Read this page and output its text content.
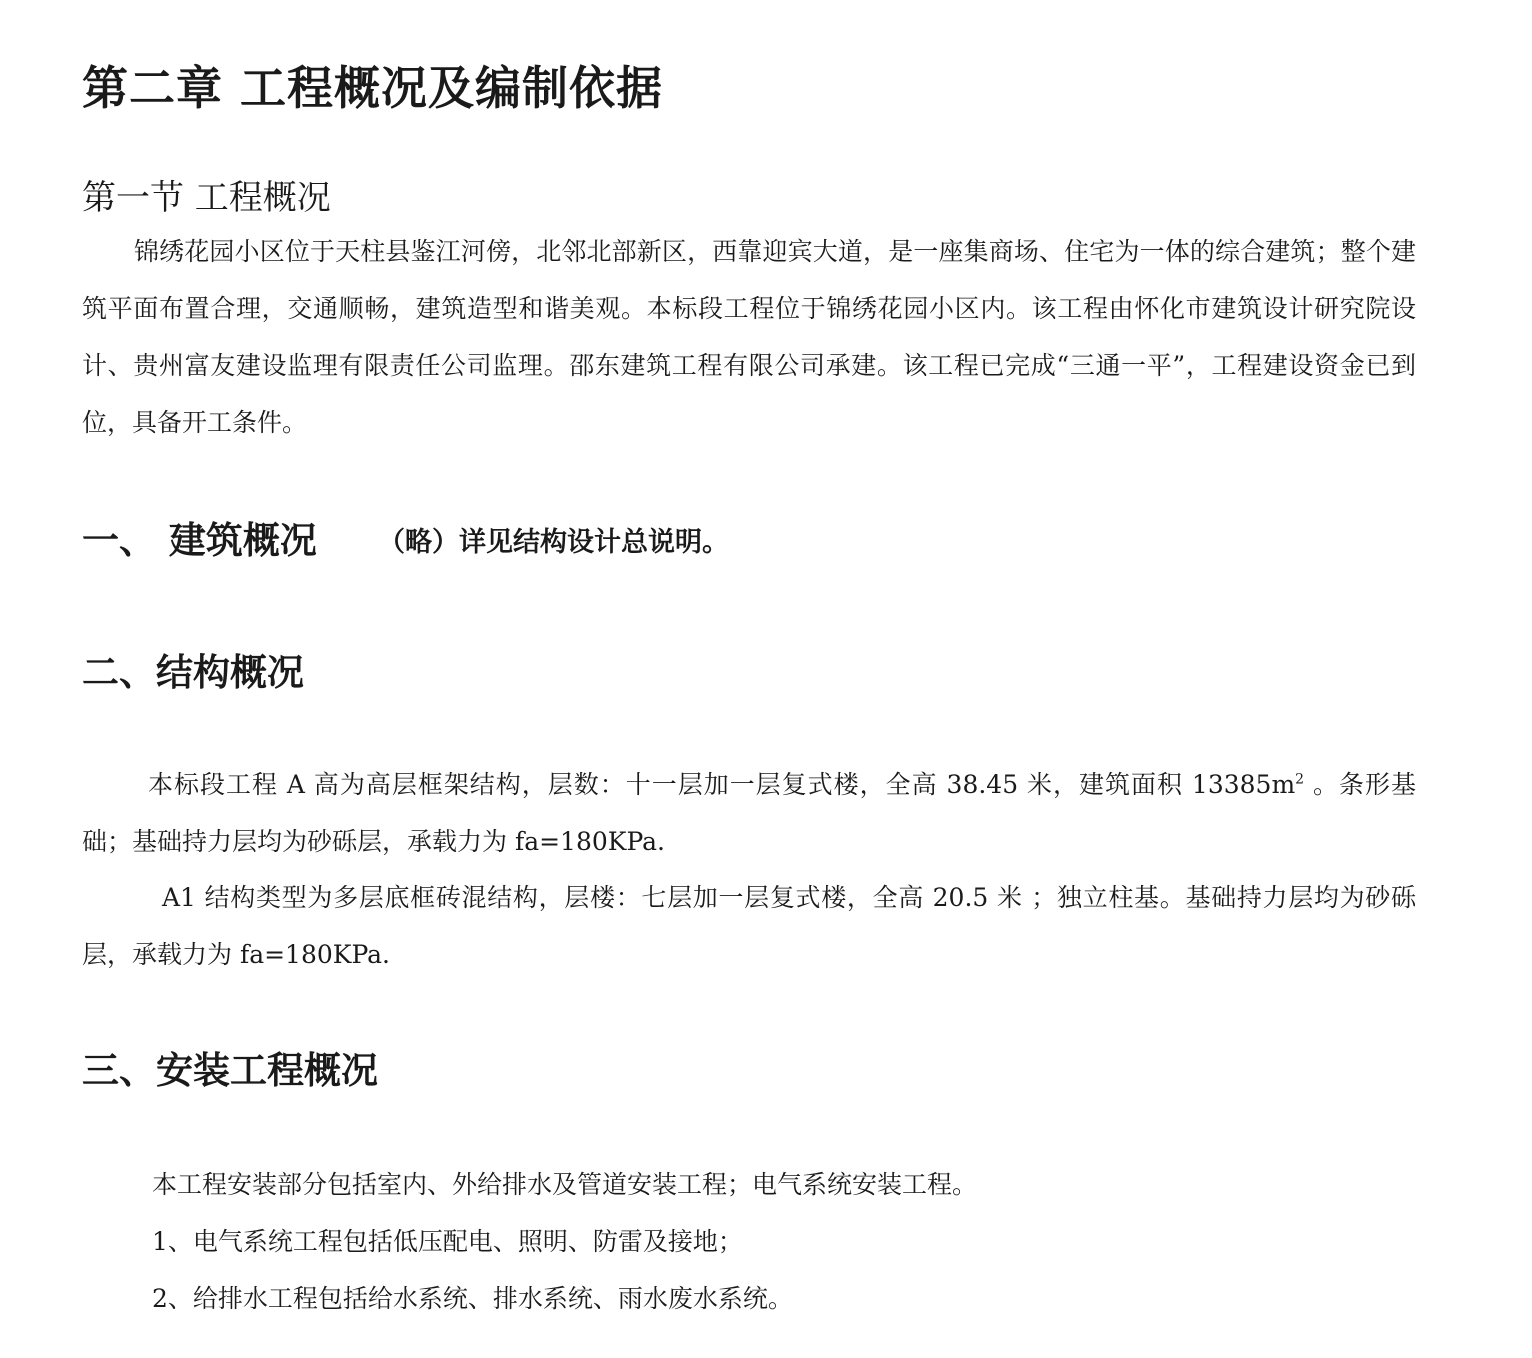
第二章 工程概况及编制依据
第一节 工程概况

锦绣花园小区位于天柱县鉴江河傍，北邻北部新区，西靠迎宾大道，是一座集商场、住宅为一体的综合建筑；整个建筑平面布置合理，交通顺畅，建筑造型和谐美观。本标段工程位于锦绣花园小区内。该工程由怀化市建筑设计研究院设计、贵州富友建设监理有限责任公司监理。邵东建筑工程有限公司承建。该工程已完成“三通一平”，工程建设资金已到位，具备开工条件。

一、 建筑概况 （略）详见结构设计总说明。
二、结构概况

本标段工程 A 高为高层框架结构，层数：十一层加一层复式楼，全高 38.45 米，建筑面积 $13385m^2$ 。条形基础；基础持力层均为砂砾层，承载力为 fa=180KPa.

A1 结构类型为多层底框砖混结构，层楼：七层加一层复式楼，全高 20.5 米 ；独立柱基。基础持力层均为砂砾层，承载力为 fa=180KPa.

三、安装工程概况

本工程安装部分包括室内、外给排水及管道安装工程；电气系统安装工程。

1、电气系统工程包括低压配电、照明、防雷及接地；

2、给排水工程包括给水系统、排水系统、雨水废水系统。
